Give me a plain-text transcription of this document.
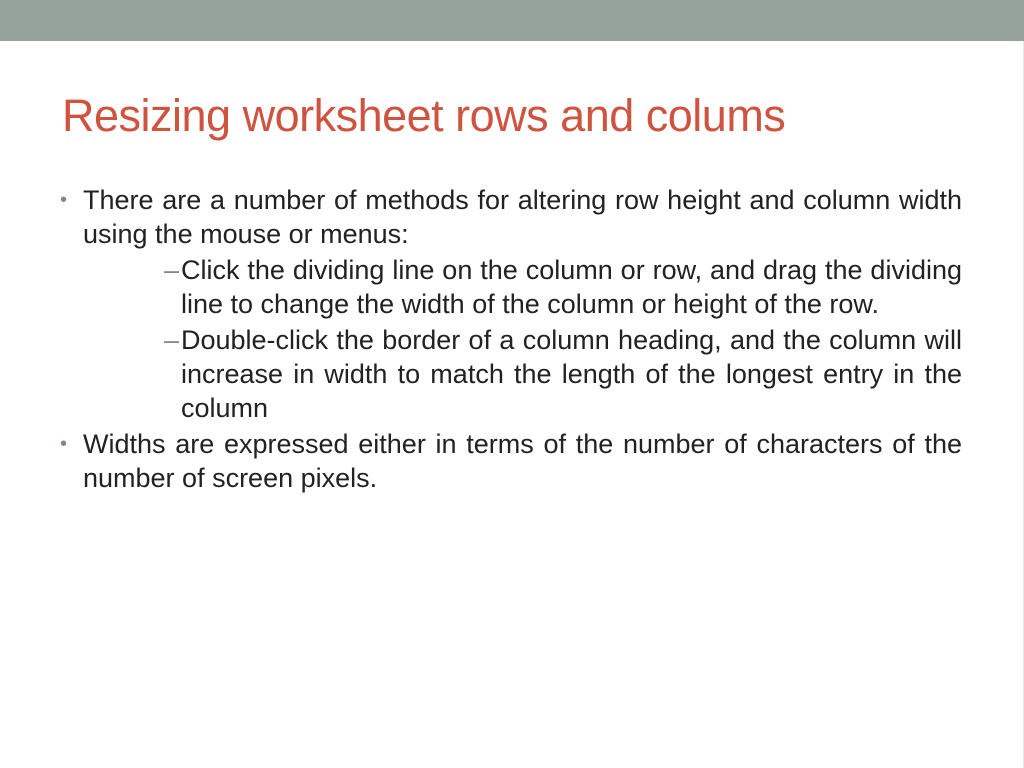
Resizing worksheet rows and colums
• There are a number of methods for altering row height and column width using the mouse or menus:
– Click the dividing line on the column or row, and drag the dividing line to change the width of the column or height of the row.
– Double-click the border of a column heading, and the column will increase in width to match the length of the longest entry in the column
• Widths are expressed either in terms of the number of characters of the number of screen pixels.
